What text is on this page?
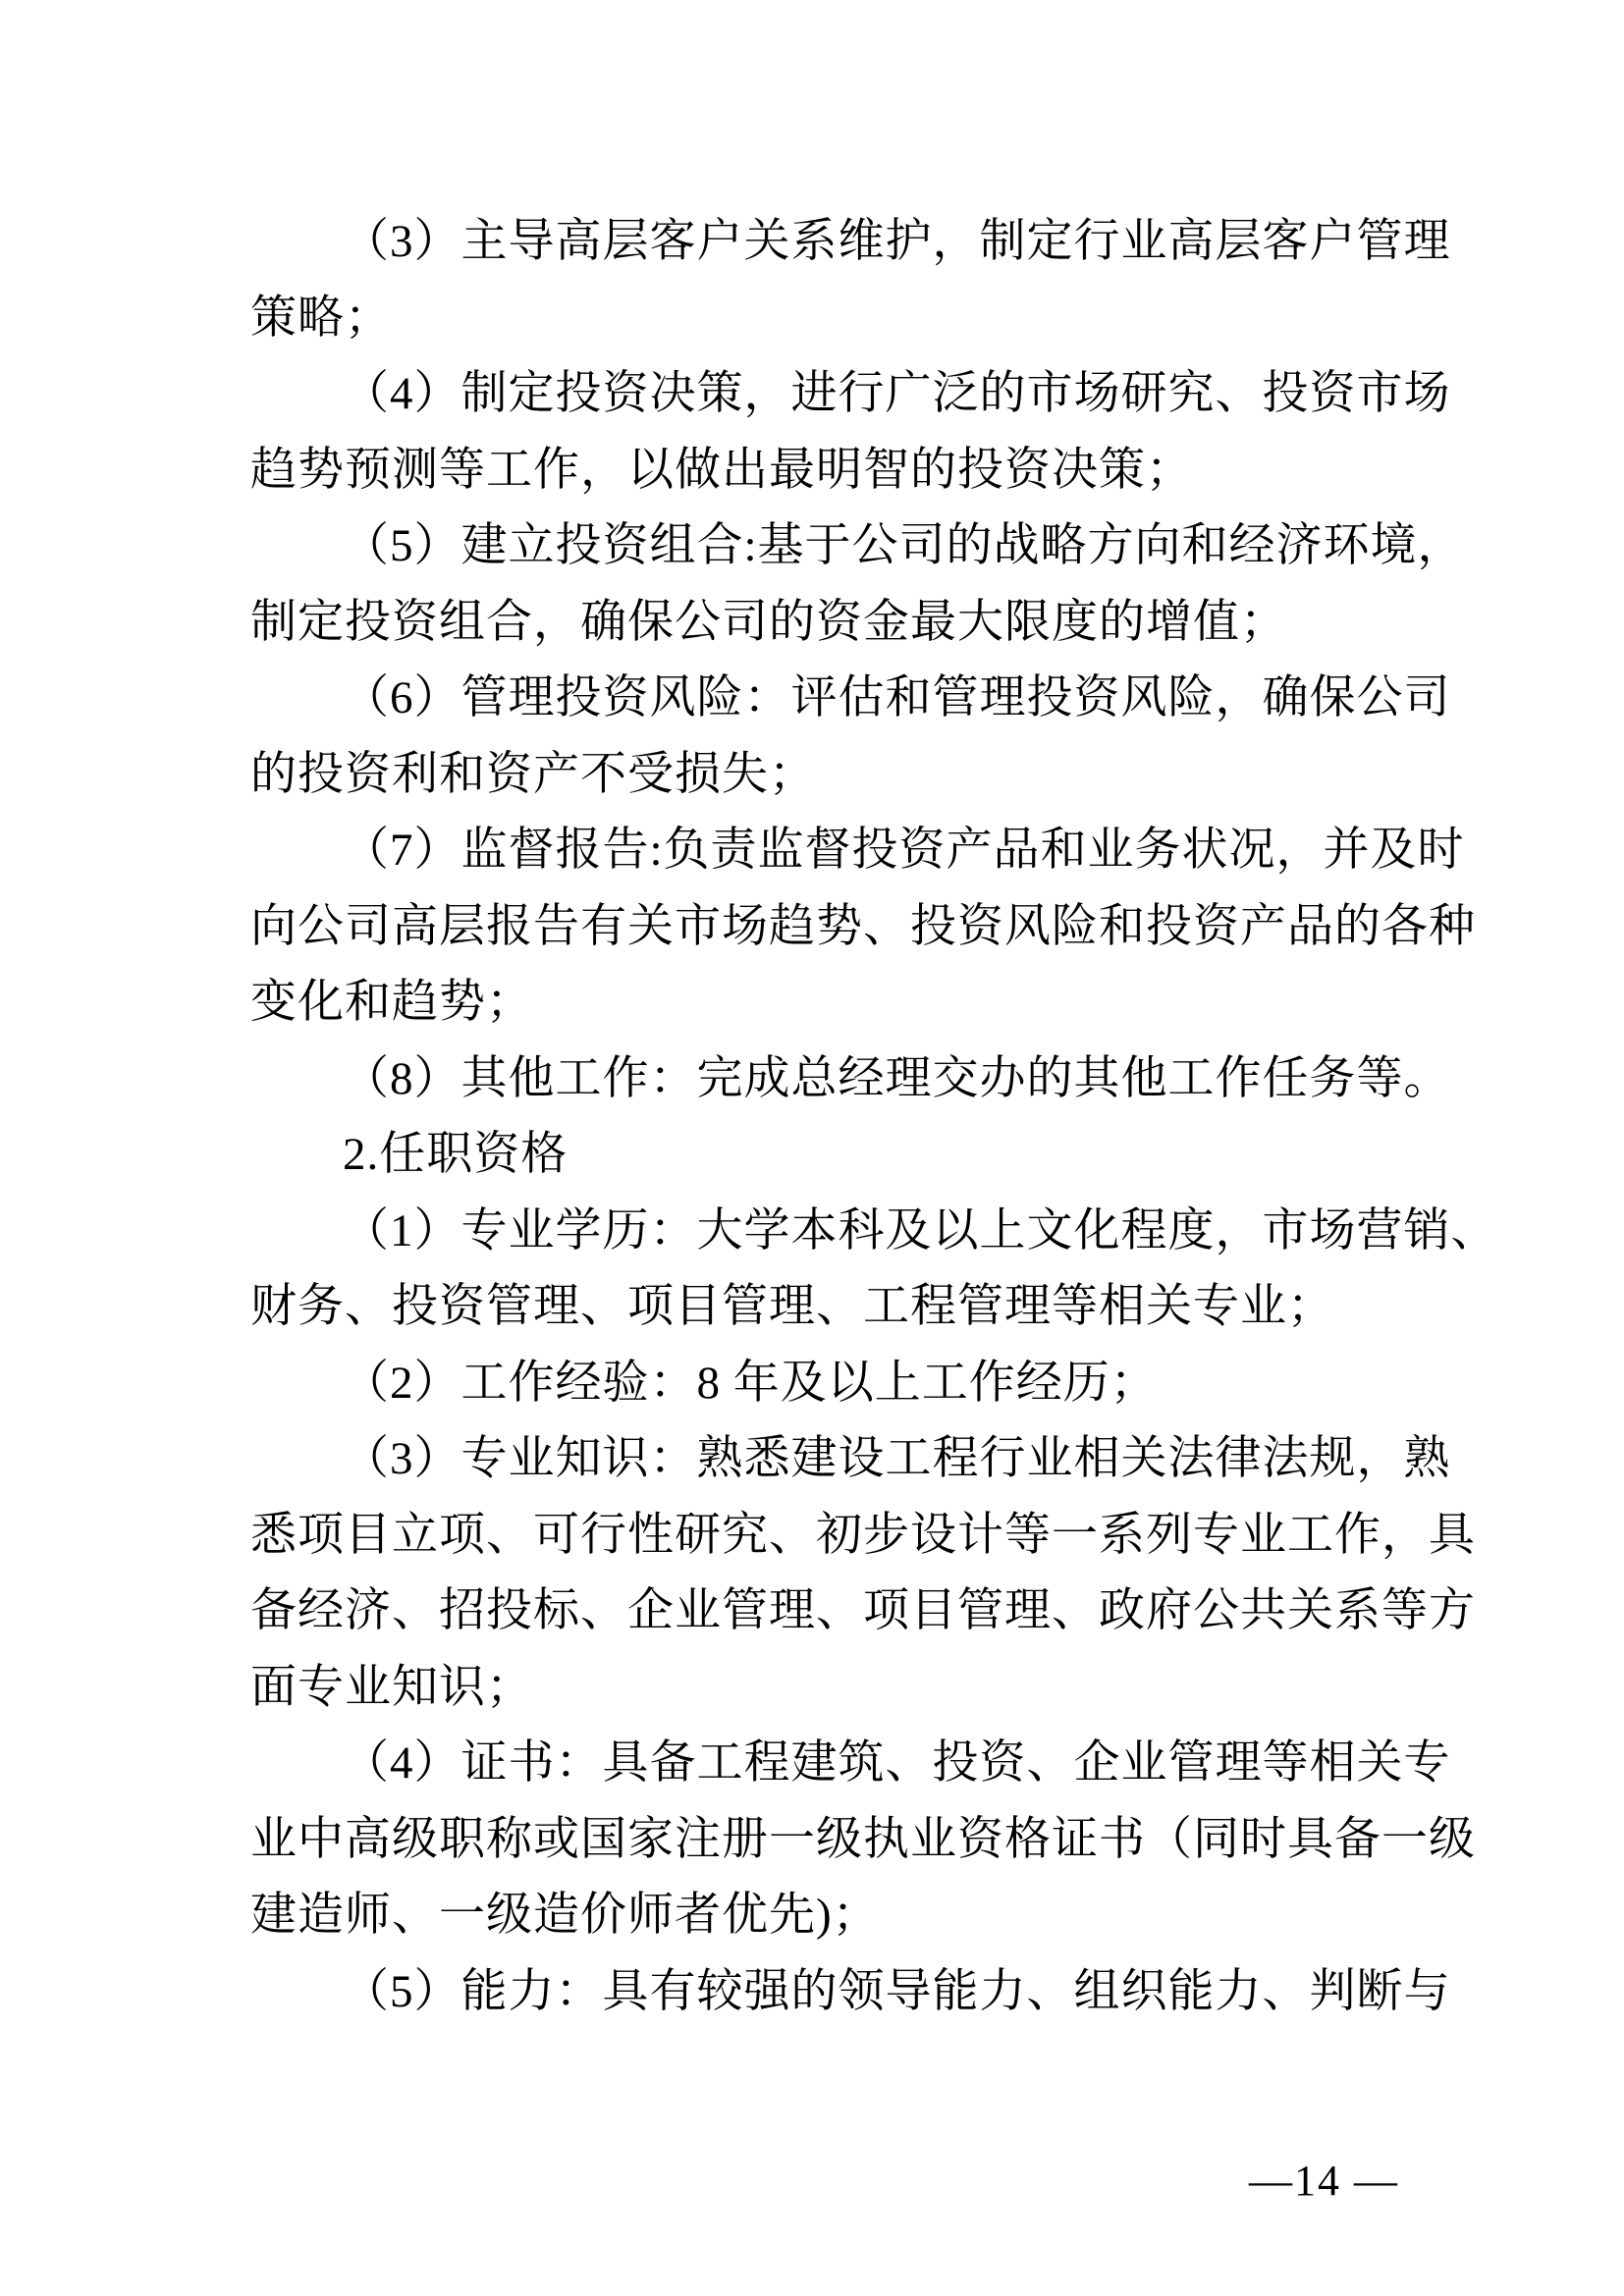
（3）主导高层客户关系维护，制定行业高层客户管理
策略；
（4）制定投资决策，进行广泛的市场研究、投资市场
趋势预测等工作，以做出最明智的投资决策；
（5）建立投资组合:基于公司的战略方向和经济环境，
制定投资组合，确保公司的资金最大限度的增值；
（6）管理投资风险：评估和管理投资风险，确保公司
的投资利和资产不受损失；
（7）监督报告:负责监督投资产品和业务状况，并及时
向公司高层报告有关市场趋势、投资风险和投资产品的各种
变化和趋势；
（8）其他工作：完成总经理交办的其他工作任务等。
2.任职资格
（1）专业学历：大学本科及以上文化程度，市场营销、
财务、投资管理、项目管理、工程管理等相关专业；
（2）工作经验：8 年及以上工作经历；
（3）专业知识：熟悉建设工程行业相关法律法规，熟
悉项目立项、可行性研究、初步设计等一系列专业工作，具
备经济、招投标、企业管理、项目管理、政府公共关系等方
面专业知识；
（4）证书：具备工程建筑、投资、企业管理等相关专
业中高级职称或国家注册一级执业资格证书（同时具备一级
建造师、一级造价师者优先)；
（5）能力：具有较强的领导能力、组织能力、判断与
—14 —
